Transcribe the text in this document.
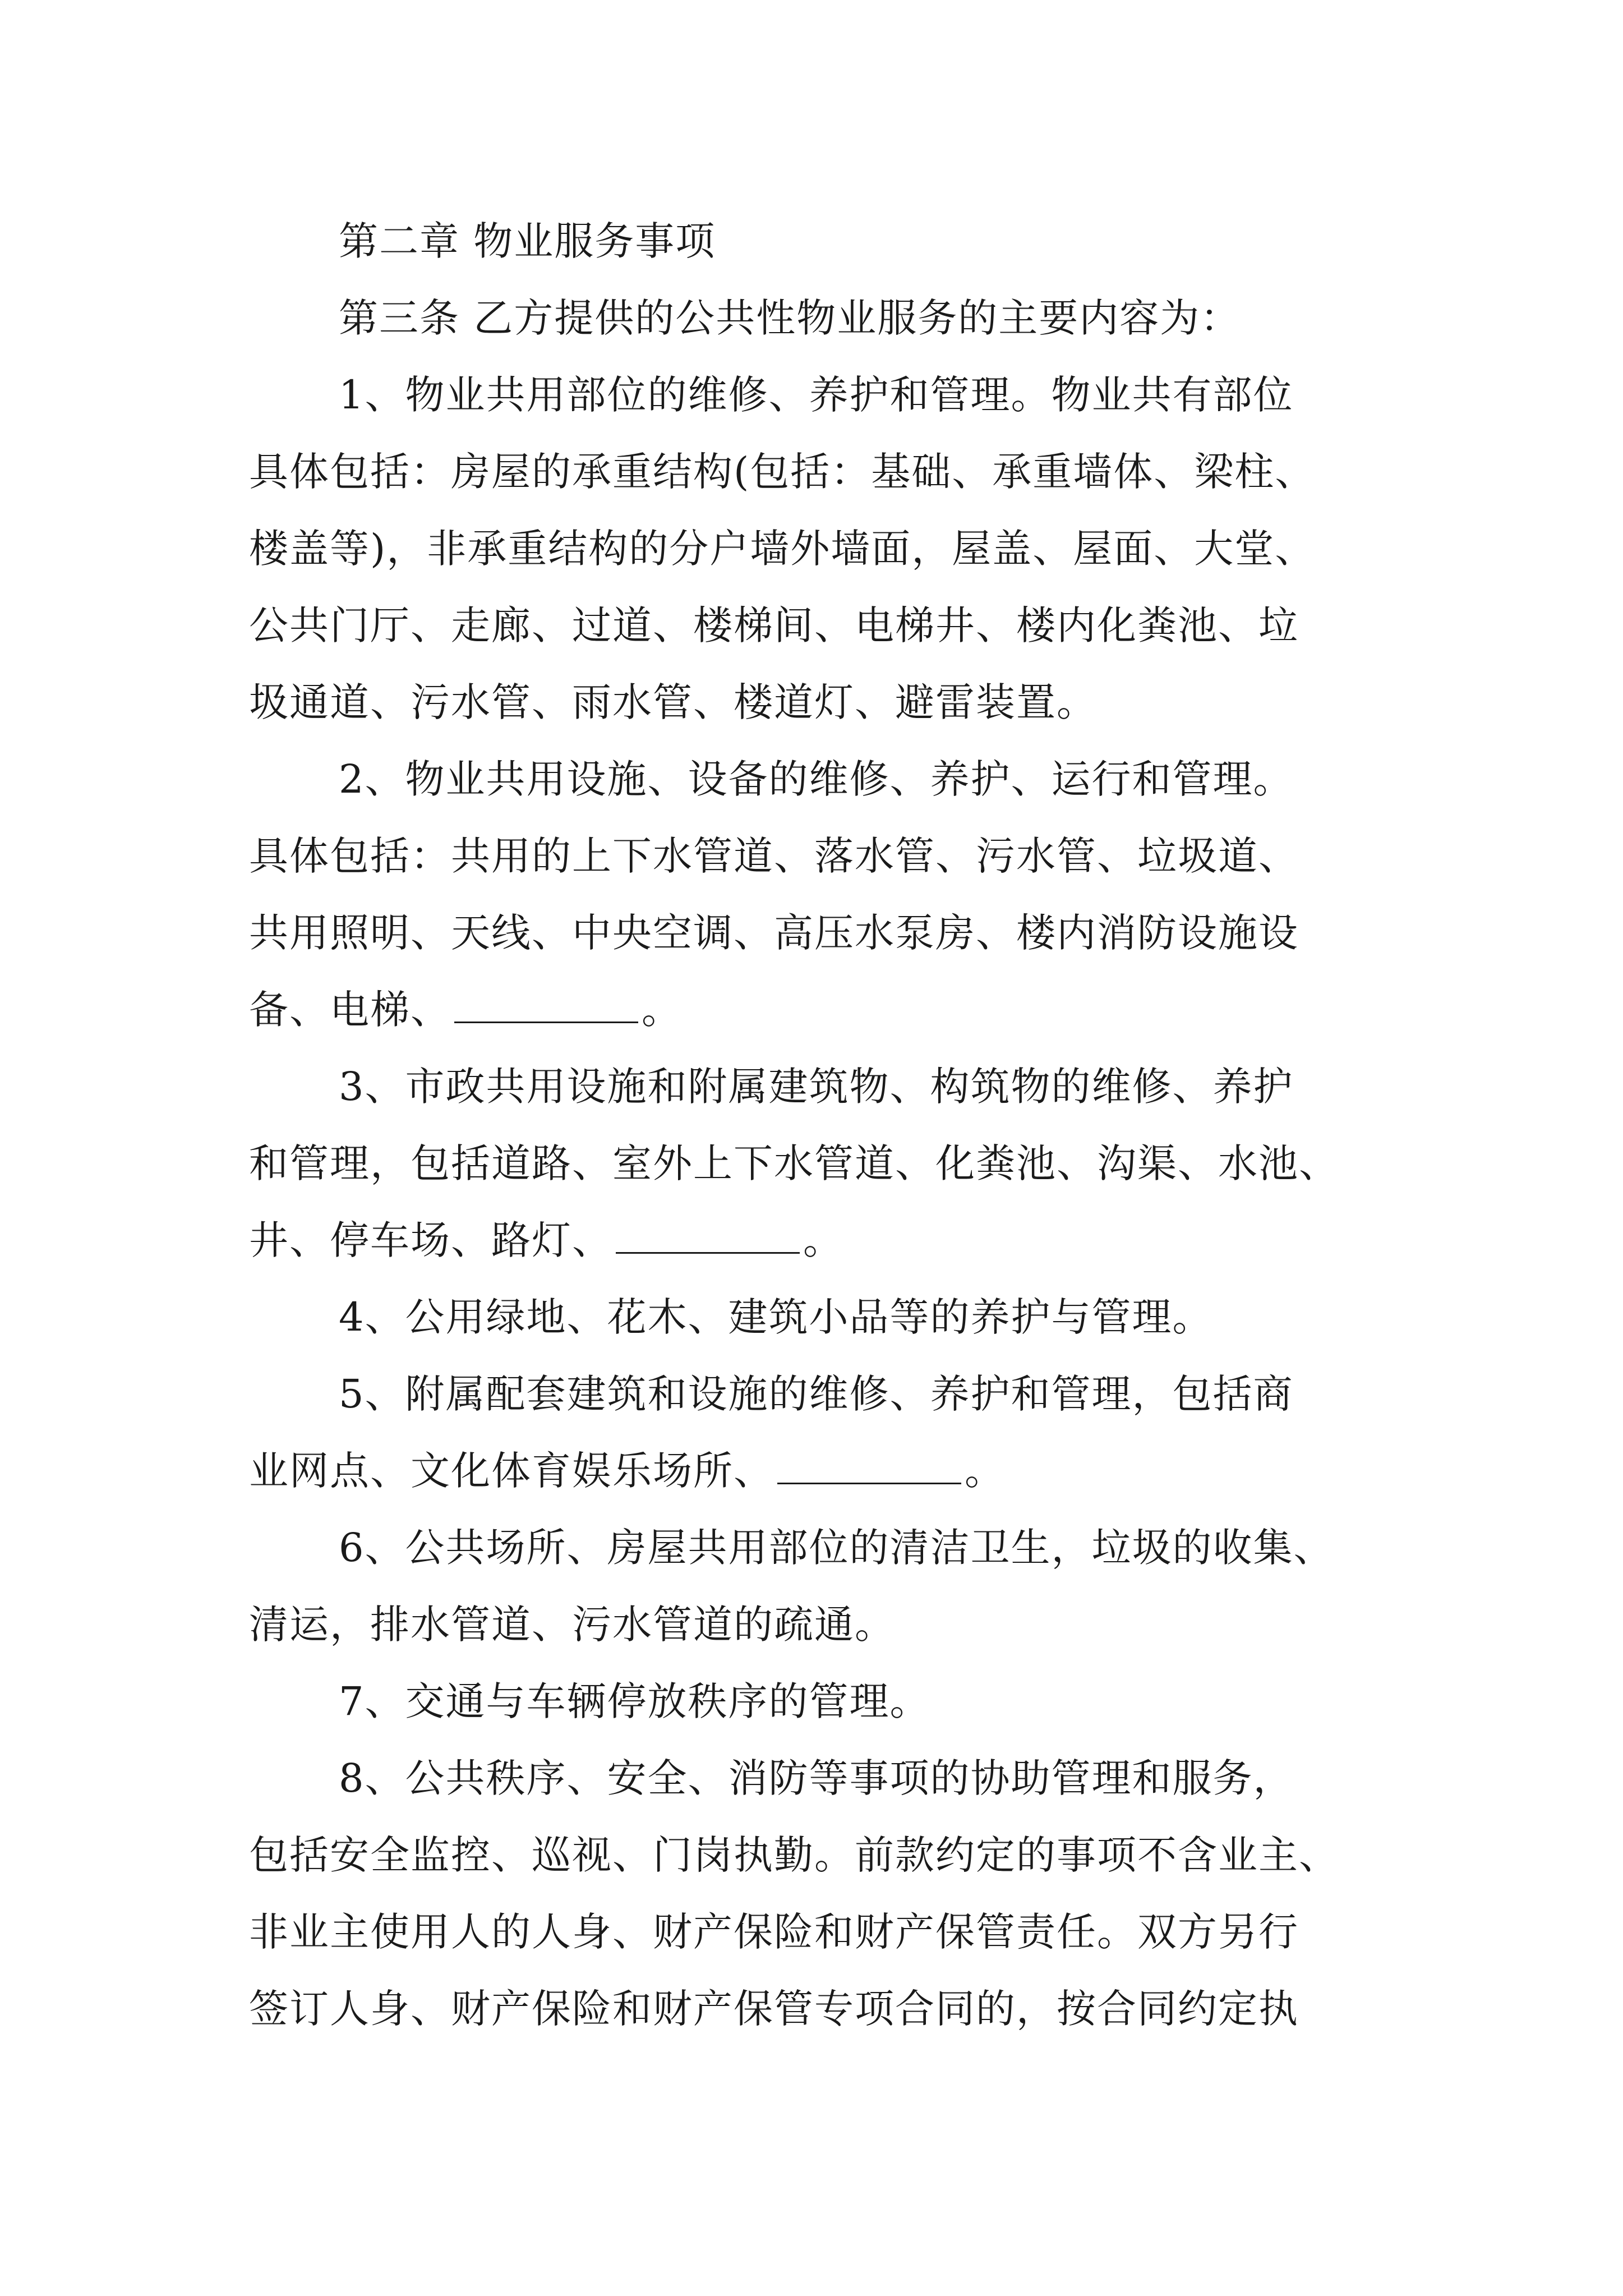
第二章 物业服务事项
第三条 乙方提供的公共性物业服务的主要内容为：
1、物业共用部位的维修、养护和管理。物业共有部位
具体包括：房屋的承重结构(包括：基础、承重墙体、梁柱、
楼盖等)，非承重结构的分户墙外墙面，屋盖、屋面、大堂、
公共门厅、走廊、过道、楼梯间、电梯井、楼内化粪池、垃
圾通道、污水管、雨水管、楼道灯、避雷装置。
2、物业共用设施、设备的维修、养护、运行和管理。
具体包括：共用的上下水管道、落水管、污水管、垃圾道、
共用照明、天线、中央空调、高压水泵房、楼内消防设施设
备、电梯、	。
3、市政共用设施和附属建筑物、构筑物的维修、养护
和管理，包括道路、室外上下水管道、化粪池、沟渠、水池、
井、停车场、路灯、	。
4、公用绿地、花木、建筑小品等的养护与管理。
5、附属配套建筑和设施的维修、养护和管理，包括商
业网点、文化体育娱乐场所、	。
6、公共场所、房屋共用部位的清洁卫生，垃圾的收集、
清运，排水管道、污水管道的疏通。
7、交通与车辆停放秩序的管理。
8、公共秩序、安全、消防等事项的协助管理和服务，
包括安全监控、巡视、门岗执勤。前款约定的事项不含业主、
非业主使用人的人身、财产保险和财产保管责任。双方另行
签订人身、财产保险和财产保管专项合同的，按合同约定执
